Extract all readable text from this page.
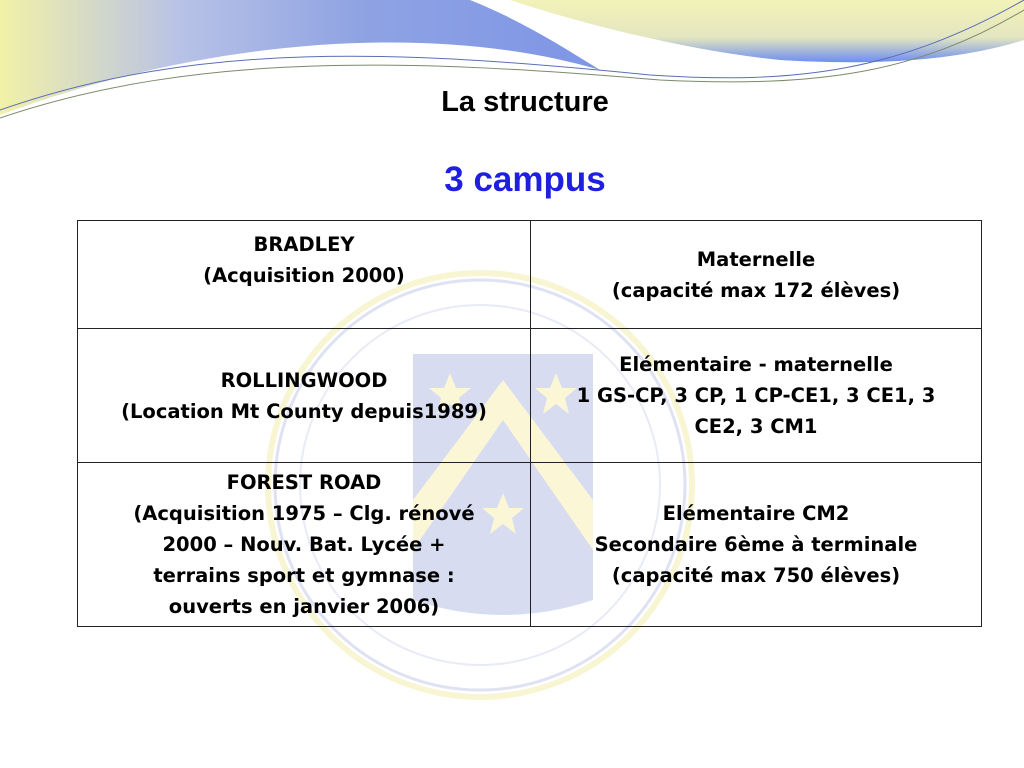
La structure
3 campus
BRADLEY
(Acquisition 2000)	Maternelle
(capacité max 172 élèves)

ROLLINGWOOD
(Location Mt County depuis1989)	Elémentaire - maternelle
1 GS-CP, 3 CP, 1 CP-CE1, 3 CE1, 3
CE2, 3 CM1

FOREST ROAD
(Acquisition 1975 – Clg. rénové
2000 – Nouv. Bat. Lycée +
terrains sport et gymnase :
ouverts en janvier 2006)	Elémentaire CM2
Secondaire 6ème à terminale
(capacité max 750 élèves)
